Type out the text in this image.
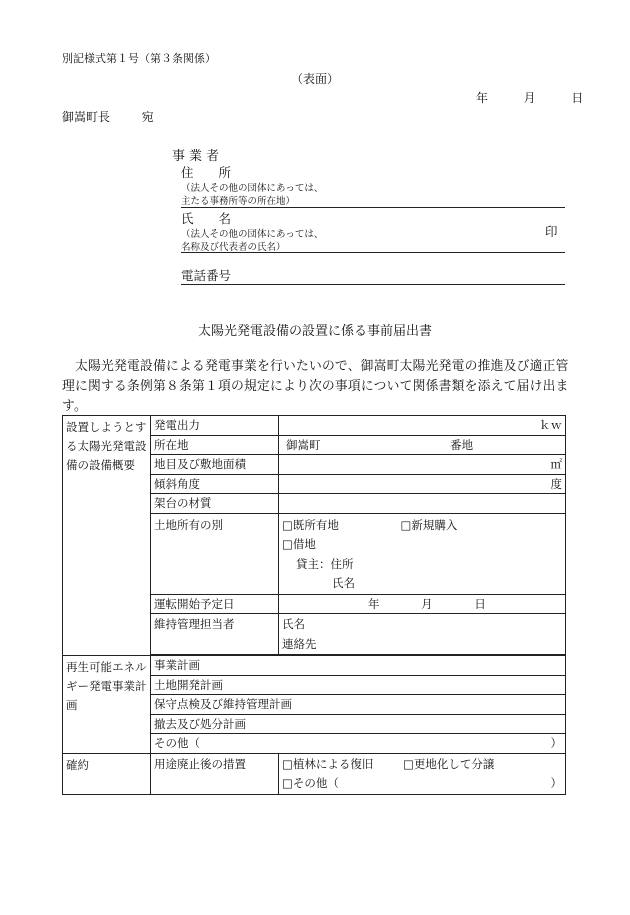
別記様式第１号（第３条関係）
（表面）
年	月	日
御嵩町長	宛
事業者
住　　所
（法人その他の団体にあっては、
主たる事務所等の所在地）
氏　　名
（法人その他の団体にあっては、
名称及び代表者の氏名）
印
電話番号
太陽光発電設備の設置に係る事前届出書
太陽光発電設備による発電事業を行いたいので、御嵩町太陽光発電の推進及び適正管理に関する条例第８条第１項の規定により次の事項について関係書類を添えて届け出ます。
設置しようとする太陽光発電設備の設備概要	発電出力	ｋｗ
	所在地	御嵩町 番地
	地目及び敷地面積	㎡
	傾斜角度	度
	架台の材質	
	土地所有の別	□既所有地 □新規購入
□借地
貸主：住所
氏名

	運転開始予定日	年 月 日
	維持管理担当者	氏名
連絡先

再生可能エネルギー発電事業計画	事業計画	
	土地開発計画	
	保守点検及び維持管理計画	
	撤去及び処分計画	

	その他（ ）	

確約	用途廃止後の措置	□植林による復旧 □更地化して分譲
□その他（ ）
